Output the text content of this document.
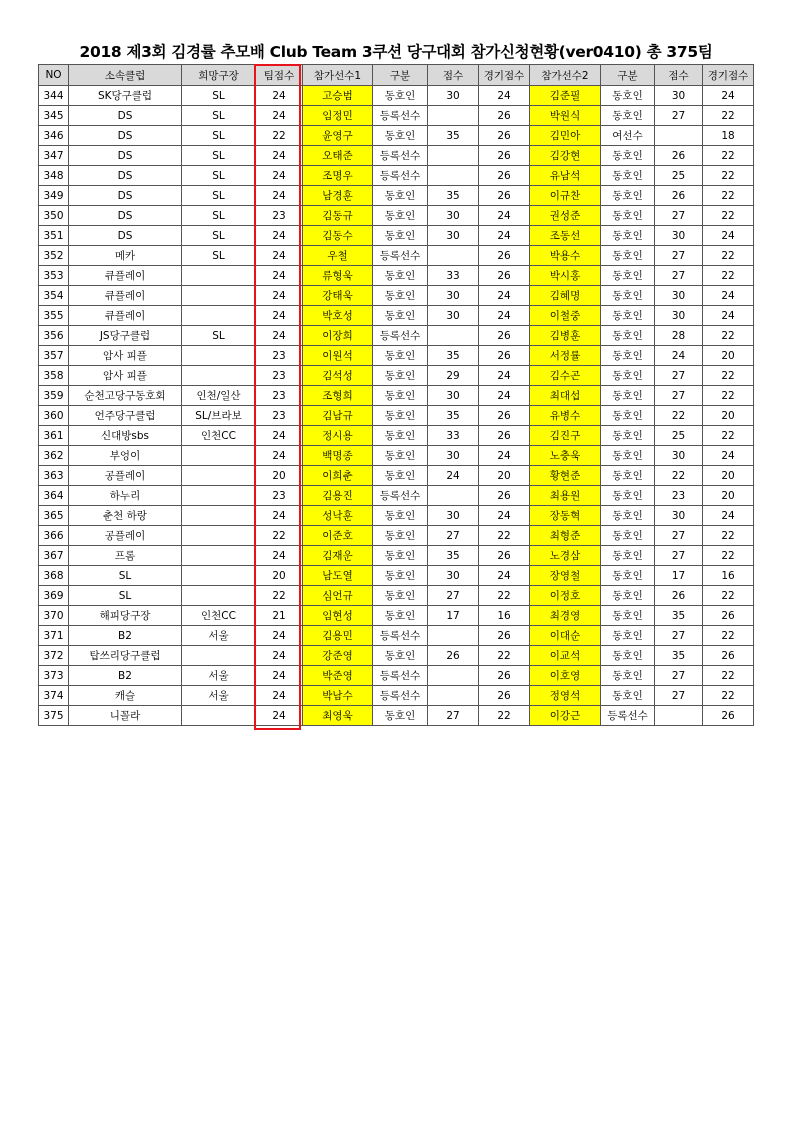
2018 제3회 김경률 추모배 Club Team 3쿠션 당구대회 참가신청현황(ver0410) 총 375팀
NO	소속클럽	희망구장	팀점수	참가선수1	구분	점수	경기점수	참가선수2	구분	점수	경기점수
344	SK당구클럽	SL	24	고승범	동호인	30	24	김준필	동호인	30	24
345	DS	SL	24	임정민	등록선수		26	박원식	동호인	27	22
346	DS	SL	22	윤영구	동호인	35	26	김민아	여선수		18
347	DS	SL	24	오태준	등록선수		26	김강현	동호인	26	22
348	DS	SL	24	조명우	등록선수		26	유남석	동호인	25	22
349	DS	SL	24	남경훈	동호인	35	26	이규찬	동호인	26	22
350	DS	SL	23	김동규	동호인	30	24	권성준	동호인	27	22
351	DS	SL	24	김동수	동호인	30	24	조동선	동호인	30	24
352	메카	SL	24	우철	등록선수		26	박용수	동호인	27	22
353	큐플레이		24	류형욱	동호인	33	26	박시홍	동호인	27	22
354	큐플레이		24	강태욱	동호인	30	24	김혜명	동호인	30	24
355	큐플레이		24	박호성	동호인	30	24	이철중	동호인	30	24
356	JS당구클럽	SL	24	이장희	등록선수		26	김병훈	동호인	28	22
357	암사 피플		23	이원석	동호인	35	26	서정률	동호인	24	20
358	암사 피플		23	김석성	동호인	29	24	김수곤	동호인	27	22
359	순천고당구동호회	인천/일산	23	조형희	동호인	30	24	최대섭	동호인	27	22
360	언주당구클럽	SL/브라보	23	김남규	동호인	35	26	유병수	동호인	22	20
361	신대방sbs	인천CC	24	정시용	동호인	33	26	김진구	동호인	25	22
362	부엉이		24	백명종	동호인	30	24	노충욱	동호인	30	24
363	공플레이		20	이희춘	동호인	24	20	황현준	동호인	22	20
364	하누리		23	김용진	등록선수		26	최용원	동호인	23	20
365	춘천 하랑		24	성낙훈	동호인	30	24	장동혁	동호인	30	24
366	공플레이		22	이준호	동호인	27	22	최형준	동호인	27	22
367	프롬		24	김재운	동호인	35	26	노경삼	동호인	27	22
368	SL		20	남도열	동호인	30	24	장영철	동호인	17	16
369	SL		22	심언규	동호인	27	22	이정호	동호인	26	22
370	해피당구장	인천CC	21	임현성	동호인	17	16	최경영	동호인	35	26
371	B2	서울	24	김용민	등록선수		26	이대순	동호인	27	22
372	탑쓰리당구클럽		24	강준영	동호인	26	22	이교석	동호인	35	26
373	B2	서울	24	박준영	등록선수		26	이호영	동호인	27	22
374	캐슬	서울	24	박남수	등록선수		26	정영석	동호인	27	22
375	니꼴라		24	최영욱	동호인	27	22	이강근	등록선수		26
